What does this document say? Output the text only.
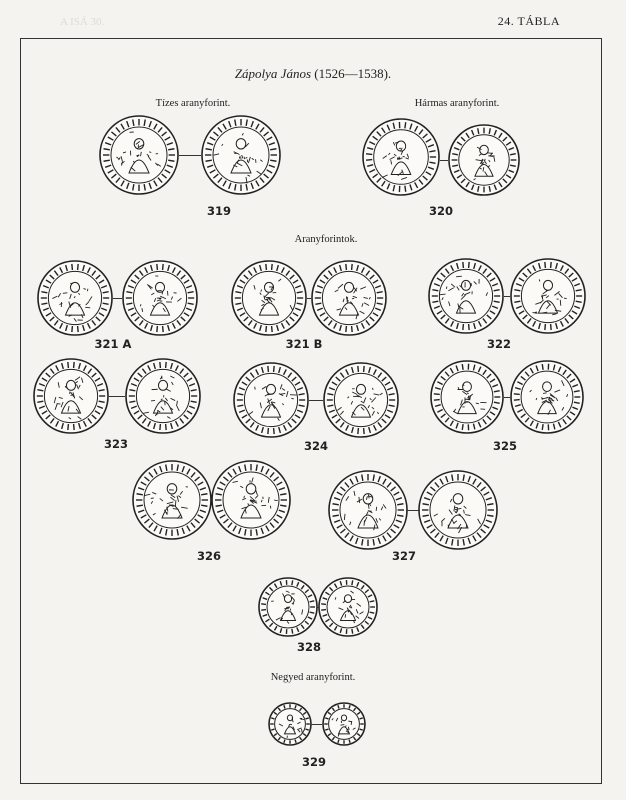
A ISÁ 30.	24. TÁBLA
Zápolya János (1526—1538).
Tízes aranyforint.	Hármas aranyforint.
Aranyforintok.
Negyed aranyforint.
319	320
321 A	321 B	322
323	324	325
326	327
328
329
